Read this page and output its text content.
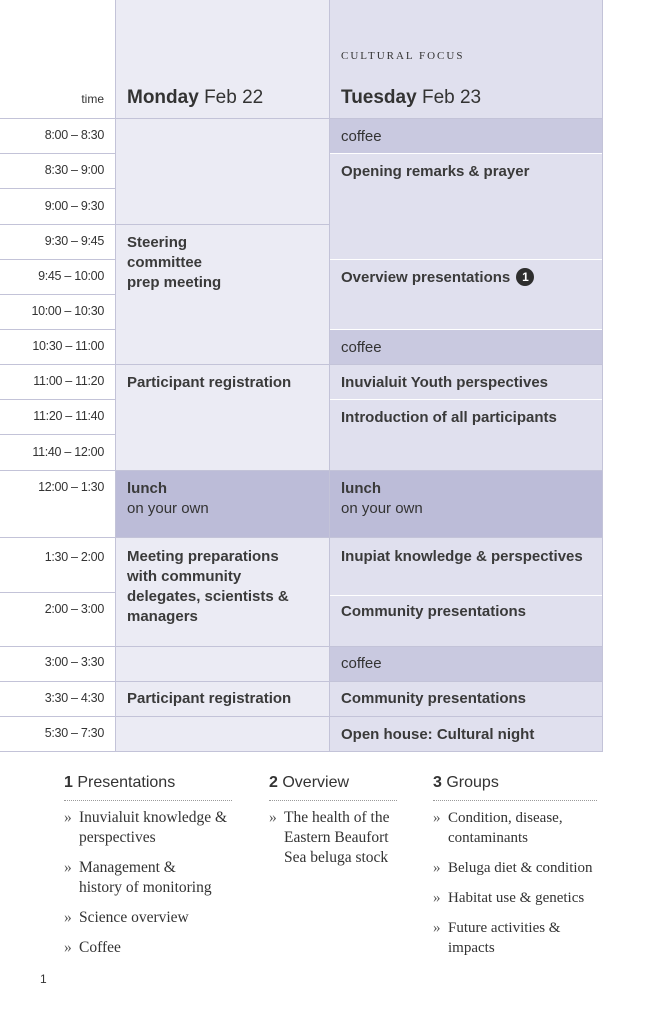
CULTURAL FOCUS
time Monday Feb 22	Tuesday Feb 23
8:00 – 8:30
8:30 – 9:00
9:00 – 9:30
9:30 – 9:45
9:45 – 10:00
10:00 – 10:30
10:30 – 11:00
11:00 – 11:20
11:20 – 11:40
11:40 – 12:00
12:00 – 1:30
1:30 – 2:00
2:00 – 3:00
3:00 – 3:30
3:30 – 4:30
5:30 – 7:30
Steering
committee
prep meeting
Participant registration
lunch
on your own
Meeting preparations
with community
delegates, scientists &
managers
Participant registration
coffee
Opening remarks & prayer
Overview presentations 1
coffee
Inuvialuit Youth perspectives
Introduction of all participants
lunch
on your own
Inupiat knowledge & perspectives
Community presentations
coffee
Community presentations
Open house: Cultural night
1 Presentations
» Inuvialuit knowledge &
perspectives
» Management &
history of monitoring
» Science overview
» Coffee
2 Overview
» The health of the
Eastern Beaufort
Sea beluga stock
3 Groups
» Condition, disease,
contaminants
» Beluga diet & condition
» Habitat use & genetics
» Future activities &
impacts
1
